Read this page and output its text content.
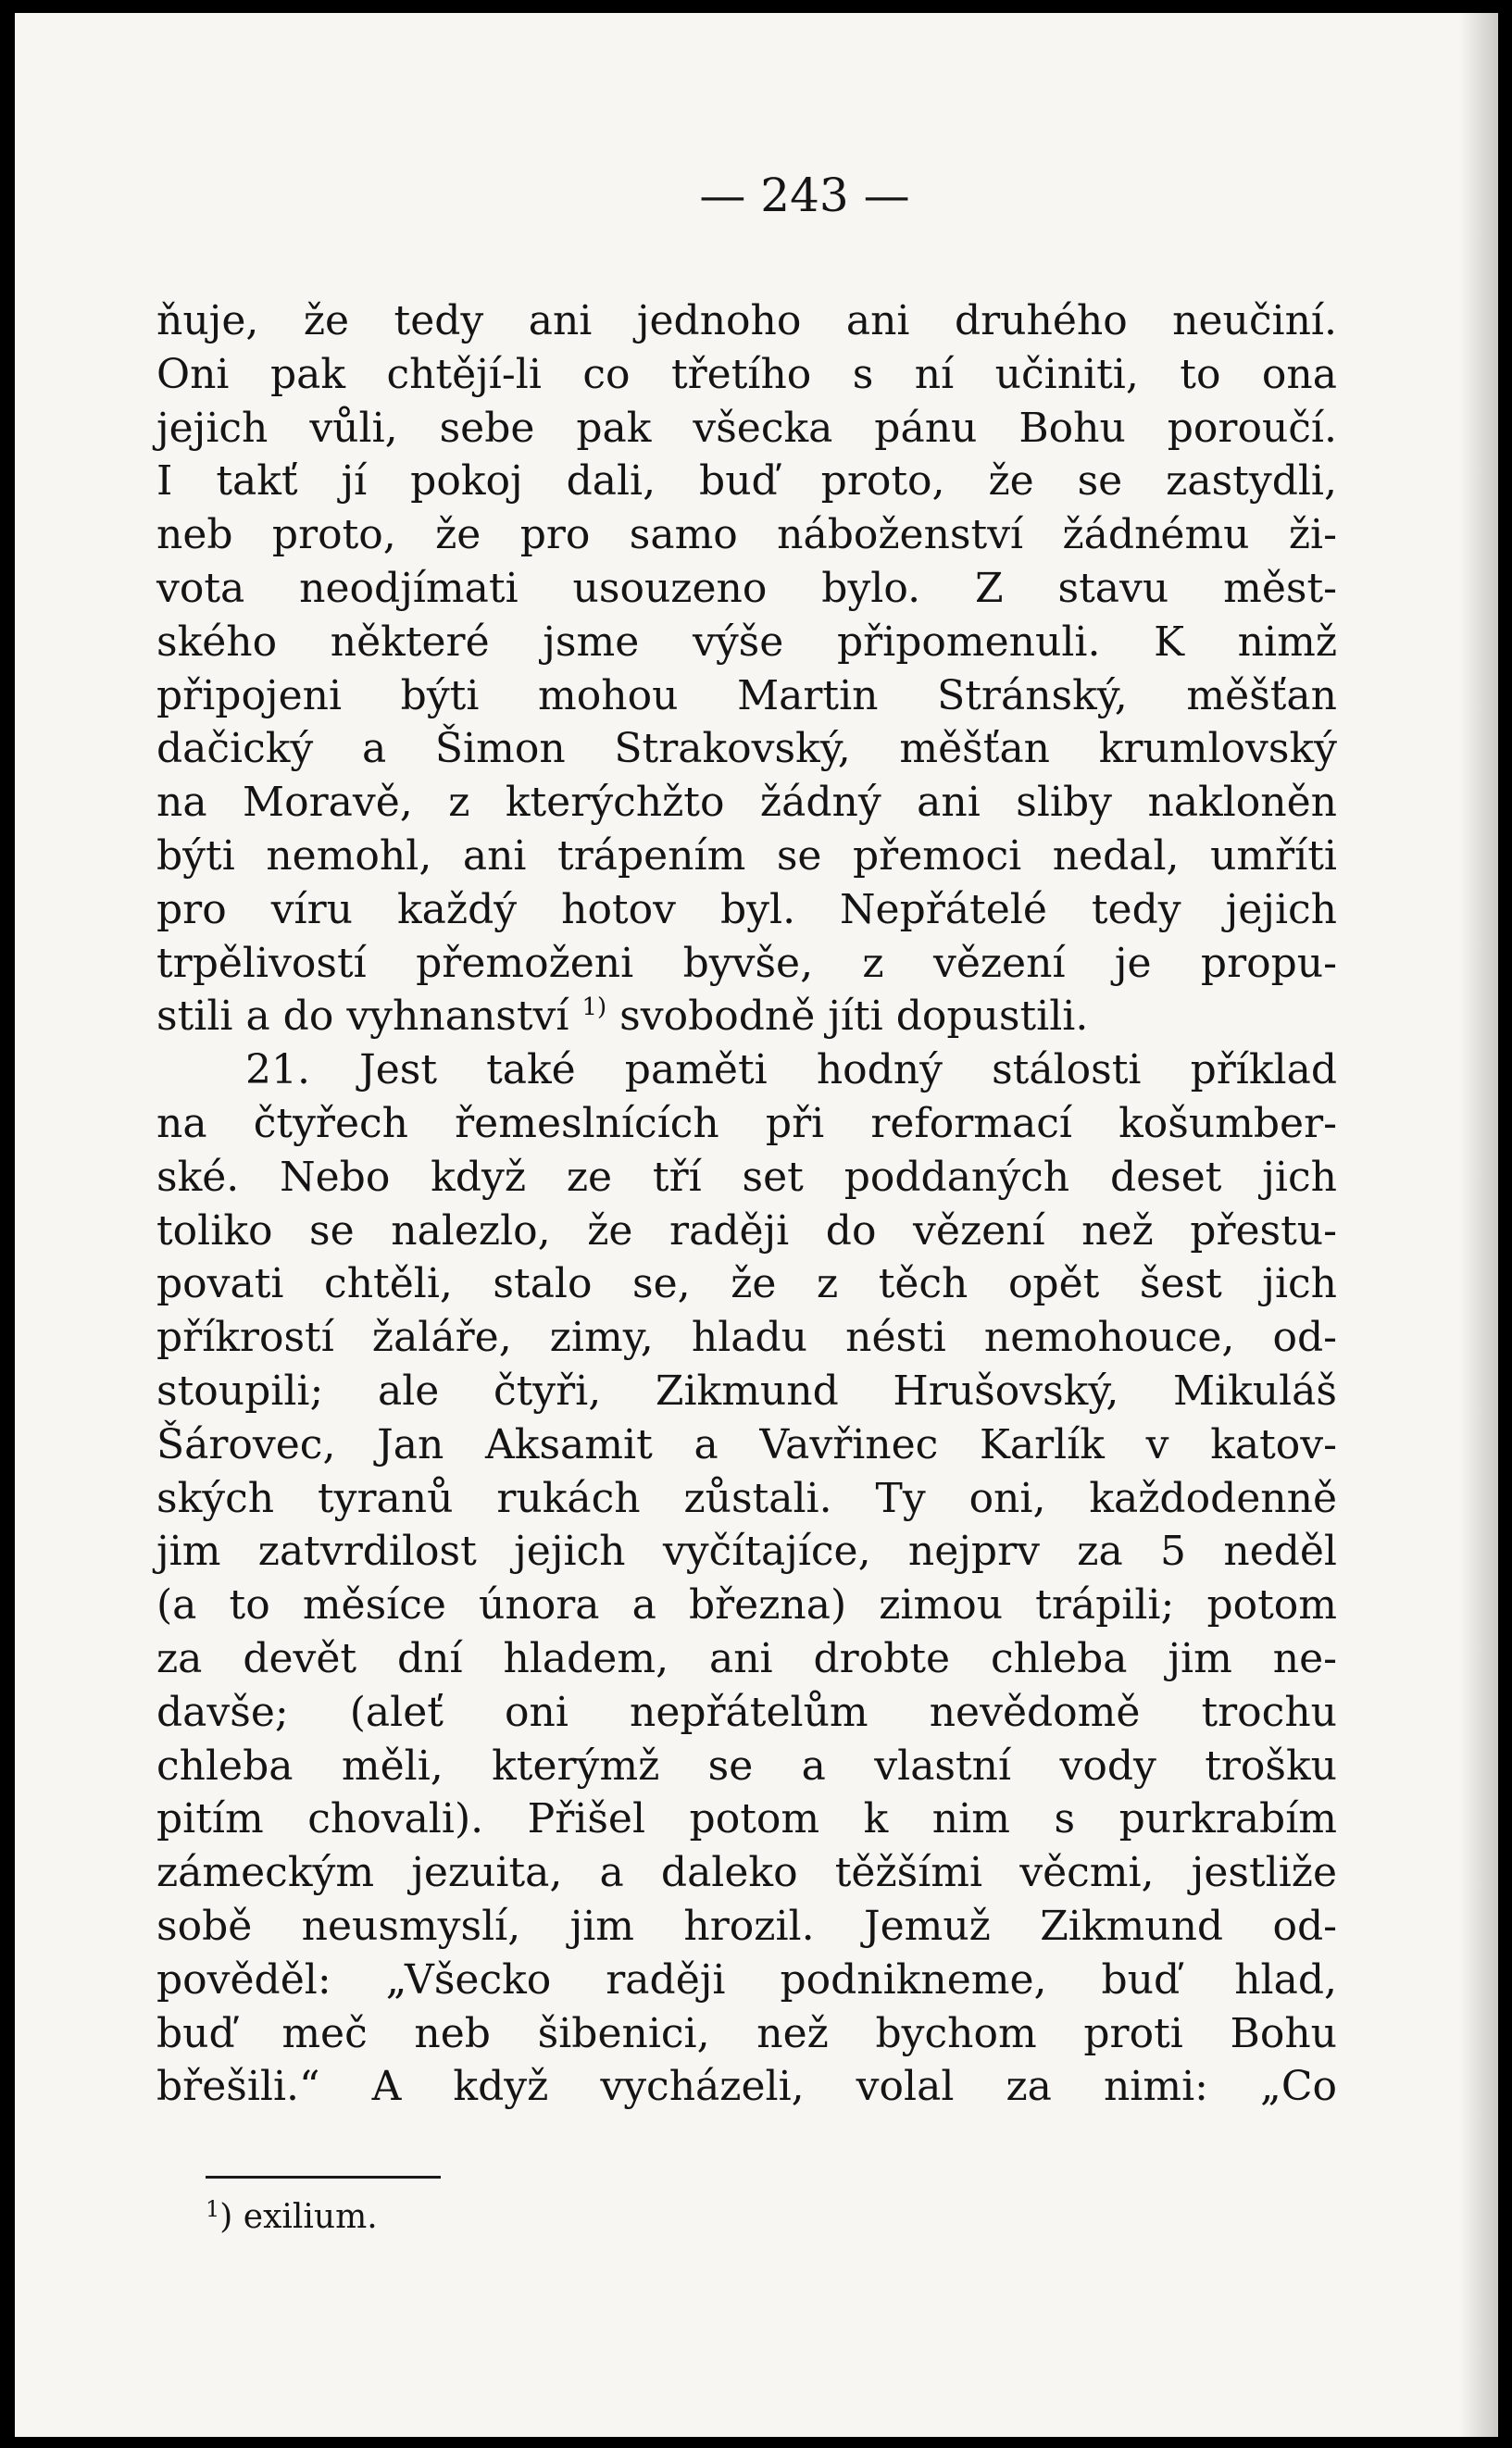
— 243 —
ňuje, že tedy ani jednoho ani druhého neučiní.
Oni pak chtějí-li co třetího s ní učiniti, to ona
jejich vůli, sebe pak všecka pánu Bohu poroučí.
I takť jí pokoj dali, buď proto, že se zastydli,
neb proto, že pro samo náboženství žádnému ži-
vota neodjímati usouzeno bylo. Z stavu měst-
ského některé jsme výše připomenuli. K nimž
připojeni býti mohou Martin Stránský, měšťan
dačický a Šimon Strakovský, měšťan krumlovský
na Moravě, z kterýchžto žádný ani sliby nakloněn
býti nemohl, ani trápením se přemoci nedal, umříti
pro víru každý hotov byl. Nepřátelé tedy jejich
trpělivostí přemoženi byvše, z vězení je propu-
stili a do vyhnanství $^{1)}$ svobodně jíti dopustili.
21. Jest také paměti hodný stálosti příklad
na čtyřech řemeslnících při reformací košumber-
ské. Nebo když ze tří set poddaných deset jich
toliko se nalezlo, že raději do vězení než přestu-
povati chtěli, stalo se, že z těch opět šest jich
příkrostí žaláře, zimy, hladu nésti nemohouce, od-
stoupili; ale čtyři, Zikmund Hrušovský, Mikuláš
Šárovec, Jan Aksamit a Vavřinec Karlík v katov-
ských tyranů rukách zůstali. Ty oni, každodenně
jim zatvrdilost jejich vyčítajíce, nejprv za 5 neděl
(a to měsíce února a března) zimou trápili; potom
za devět dní hladem, ani drobte chleba jim ne-
davše; (aleť oni nepřátelům nevědomě trochu
chleba měli, kterýmž se a vlastní vody trošku
pitím chovali). Přišel potom k nim s purkrabím
zámeckým jezuita, a daleko těžšími věcmi, jestliže
sobě neusmyslí, jim hrozil. Jemuž Zikmund od-
pověděl: „Všecko raději podnikneme, buď hlad,
buď meč neb šibenici, než bychom proti Bohu
břešili.“ A když vycházeli, volal za nimi: „Co
$^1$) exilium.
